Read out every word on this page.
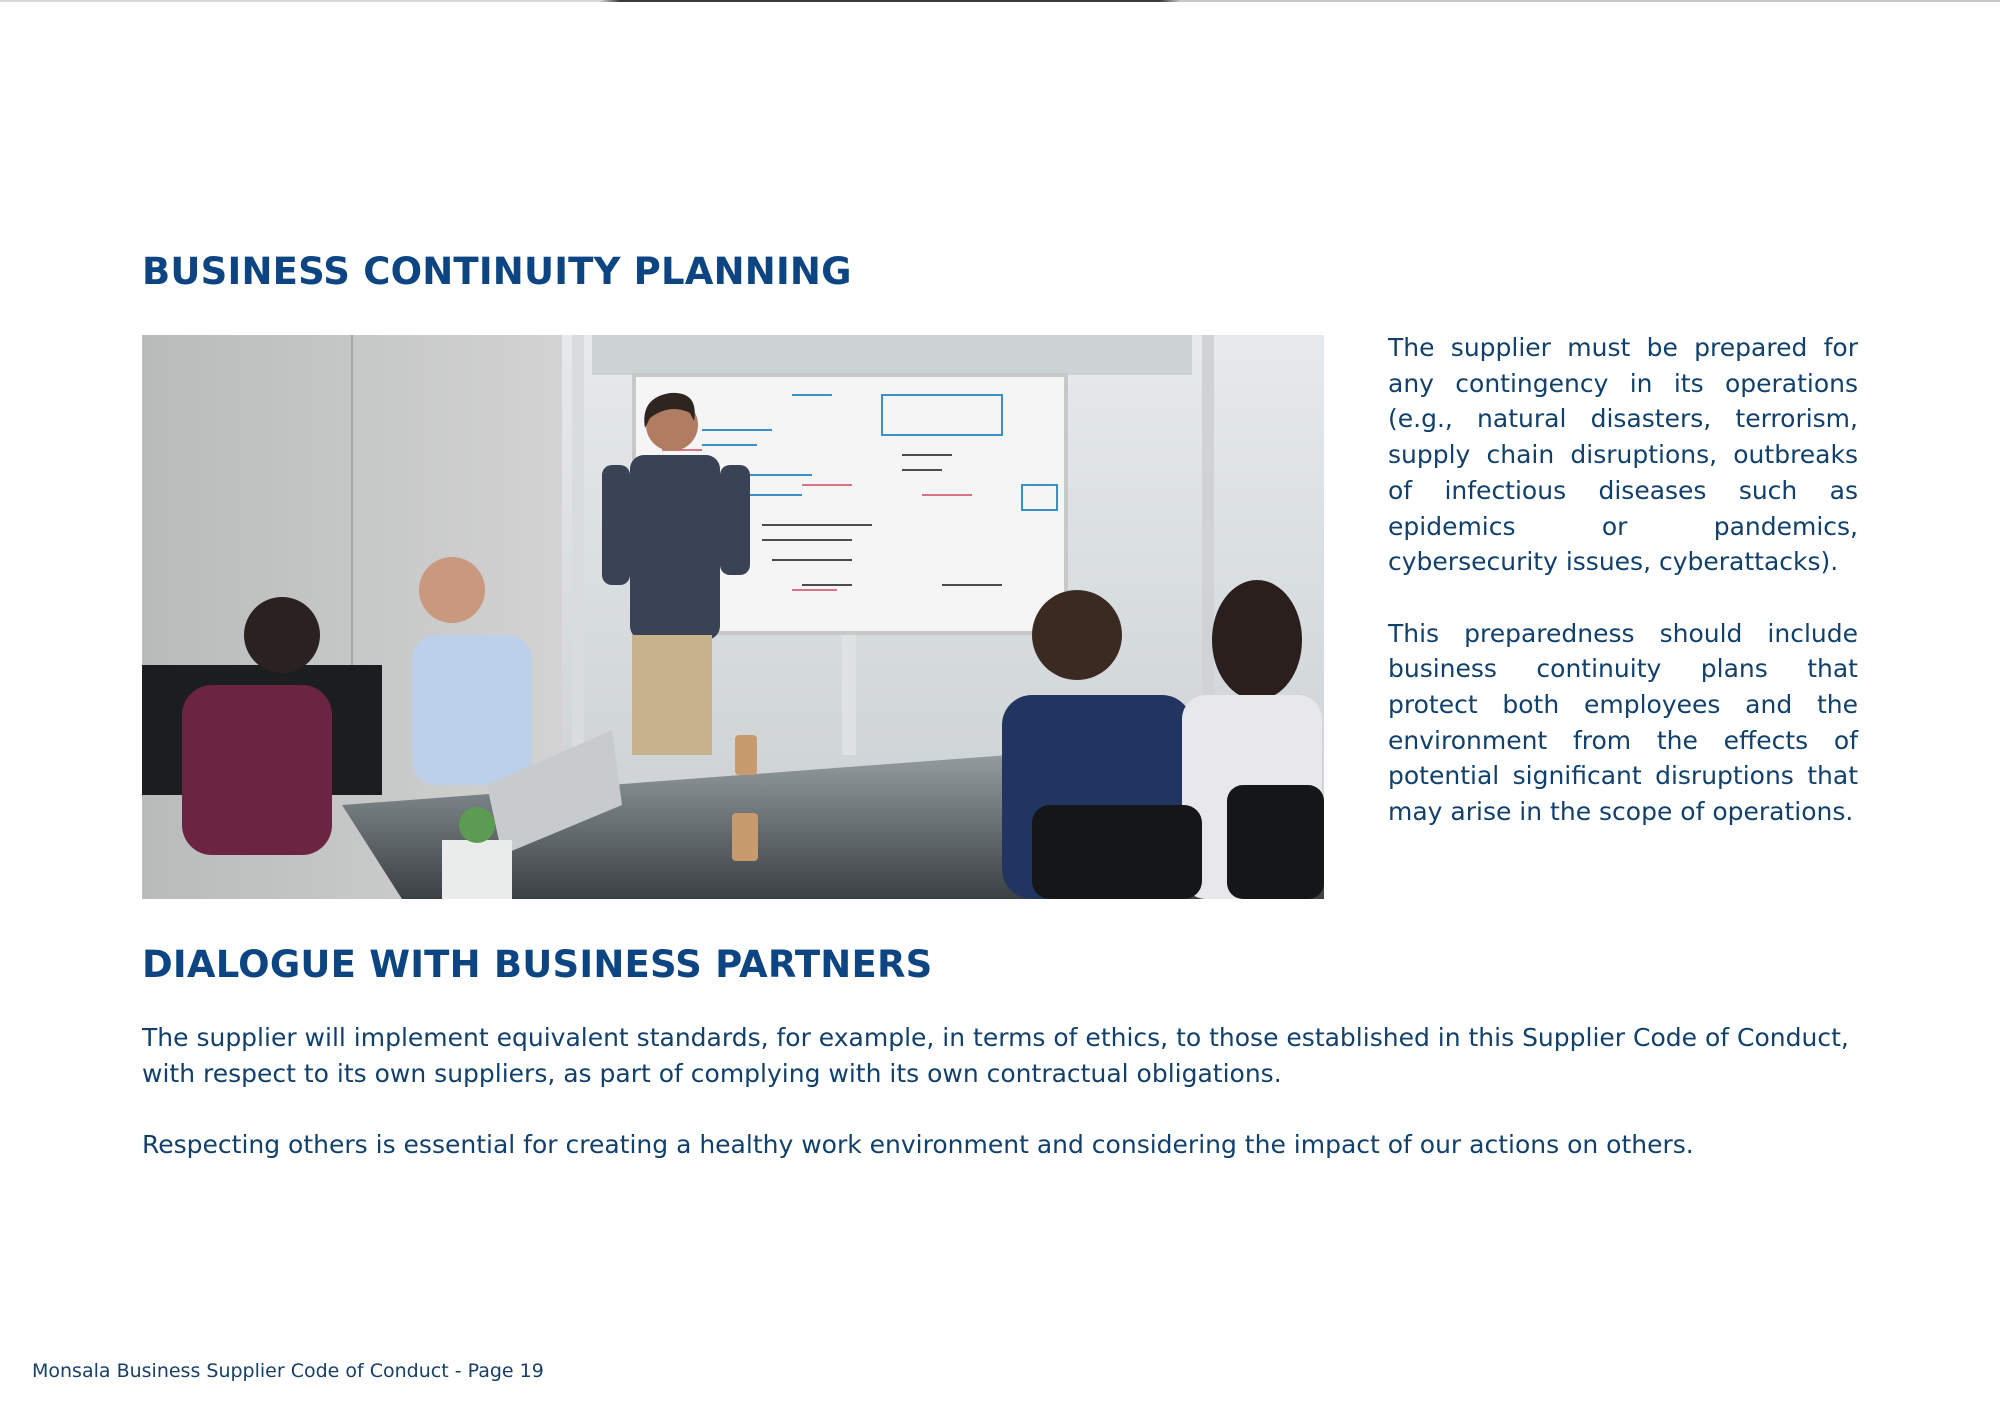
BUSINESS CONTINUITY PLANNING

The supplier must be prepared for any contingency in its operations (e.g., natural disasters, terrorism, supply chain disruptions, outbreaks of infectious diseases such as epidemics or pandemics, cybersecurity issues, cyberattacks).

This preparedness should include business continuity plans that protect both employees and the environment from the effects of potential significant disruptions that may arise in the scope of operations.

DIALOGUE WITH BUSINESS PARTNERS

The supplier will implement equivalent standards, for example, in terms of ethics, to those established in this Supplier Code of Conduct, with respect to its own suppliers, as part of complying with its own contractual obligations.

Respecting others is essential for creating a healthy work environment and considering the impact of our actions on others.

Monsala Business Supplier Code of Conduct - Page 19
